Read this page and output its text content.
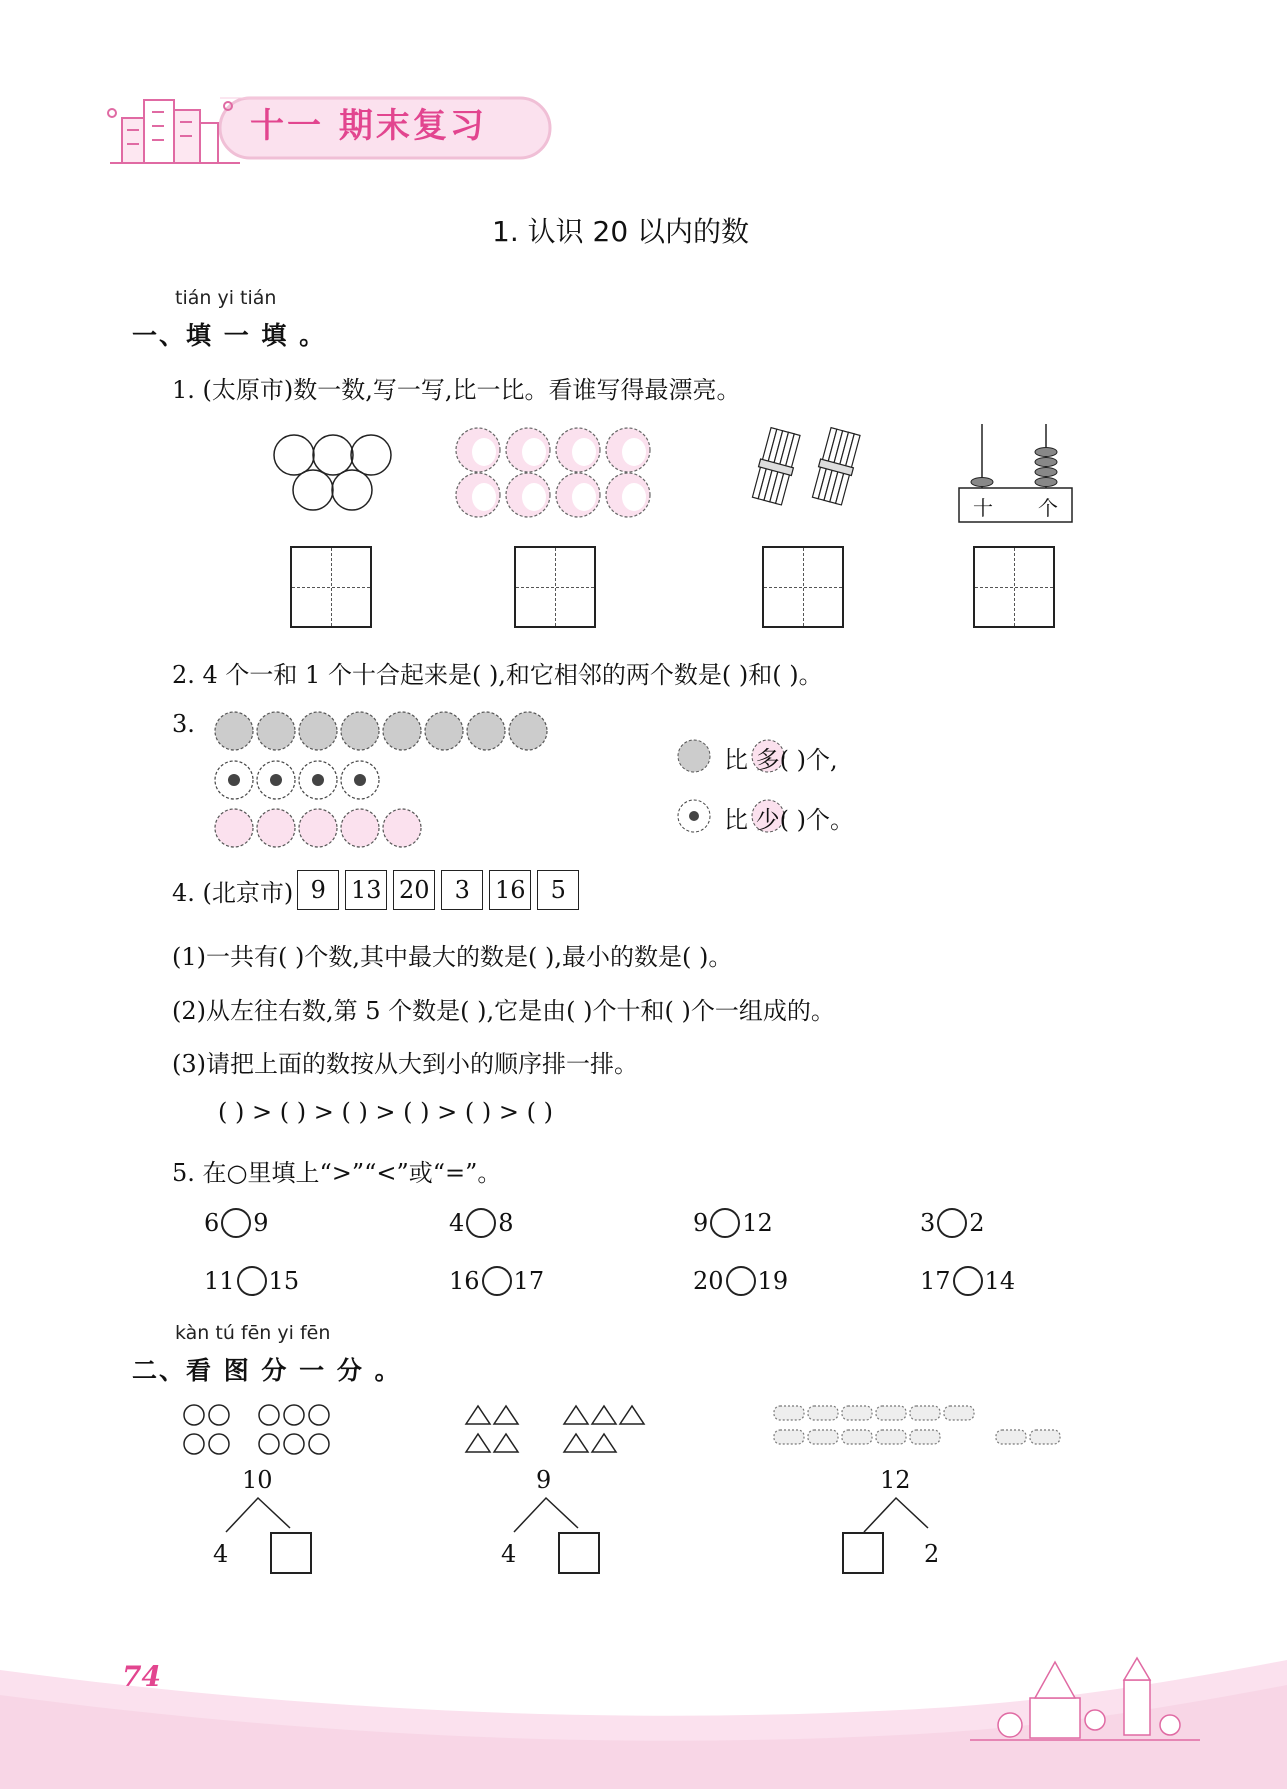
十一 期末复习
1. 认识 20 以内的数
tián yi tián
一、填 一 填 。
1. (太原市)数一数,写一写,比一比。看谁写得最漂亮。
十 个
2. 4 个一和 1 个十合起来是( ),和它相邻的两个数是( )和( )。
3.
比 多( )个,
比 少( )个。
4. (北京市) 9	13 20	3	16	5
(1)一共有( )个数,其中最大的数是( ),最小的数是( )。
(2)从左往右数,第 5 个数是( ),它是由( )个十和( )个一组成的。
(3)请把上面的数按从大到小的顺序排一排。
( ) > ( ) > ( ) > ( ) > ( ) > ( )
5. 在○里填上“>”“<”或“=”。
6 9	4 8	9 12	3 2
11 15	16 17	20 19	17 14
kàn tú fēn yi fēn
二、看 图 分 一 分 。
10
4
9
4
12
2
74
